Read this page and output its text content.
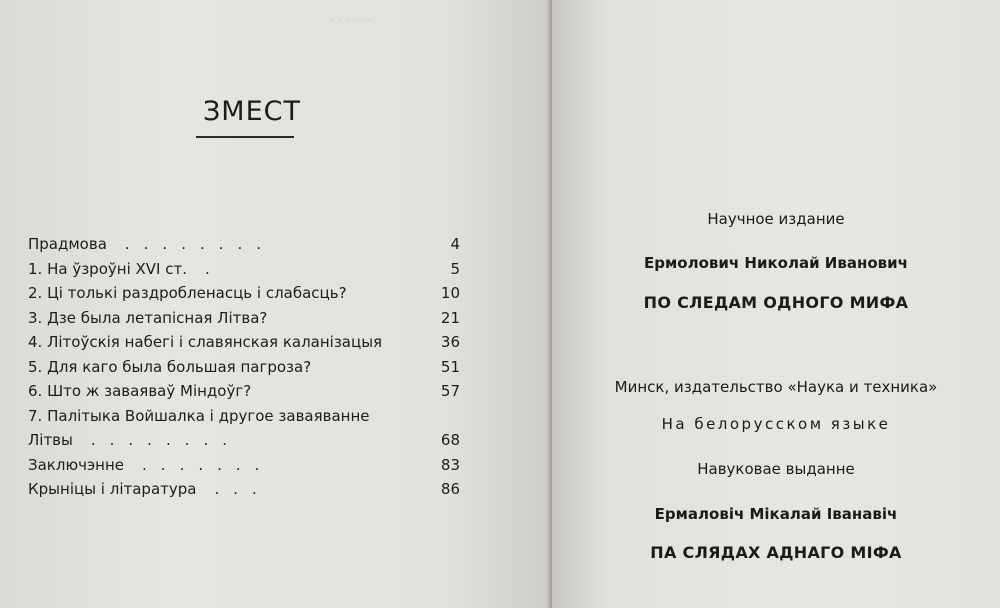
. . . . . .
ЗМЕСТ
Прадмова ........	4
1. На ўзроўні XVI ст. .	5
2. Ці толькі раздробленасць і слабасць?	10
3. Дзе была летапісная Літва?	21
4. Літоўскія набегі і славянская каланізацыя	36
5. Для каго была большая пагроза?	51
6. Што ж заваяваў Міндоўг?	57
7. Палітыка Войшалка і другое заваяванне
Літвы ........	68
Заключэнне .......	83
Крыніцы і літаратура ...	86
Научное издание
Ермолович Николай Иванович
ПО СЛЕДАМ ОДНОГО МИФА
Минск, издательство «Наука и техника»
На белорусском языке
Навуковае выданне
Ермаловіч Мікалай Іванавіч
ПА СЛЯДАХ АДНАГО МІФА
